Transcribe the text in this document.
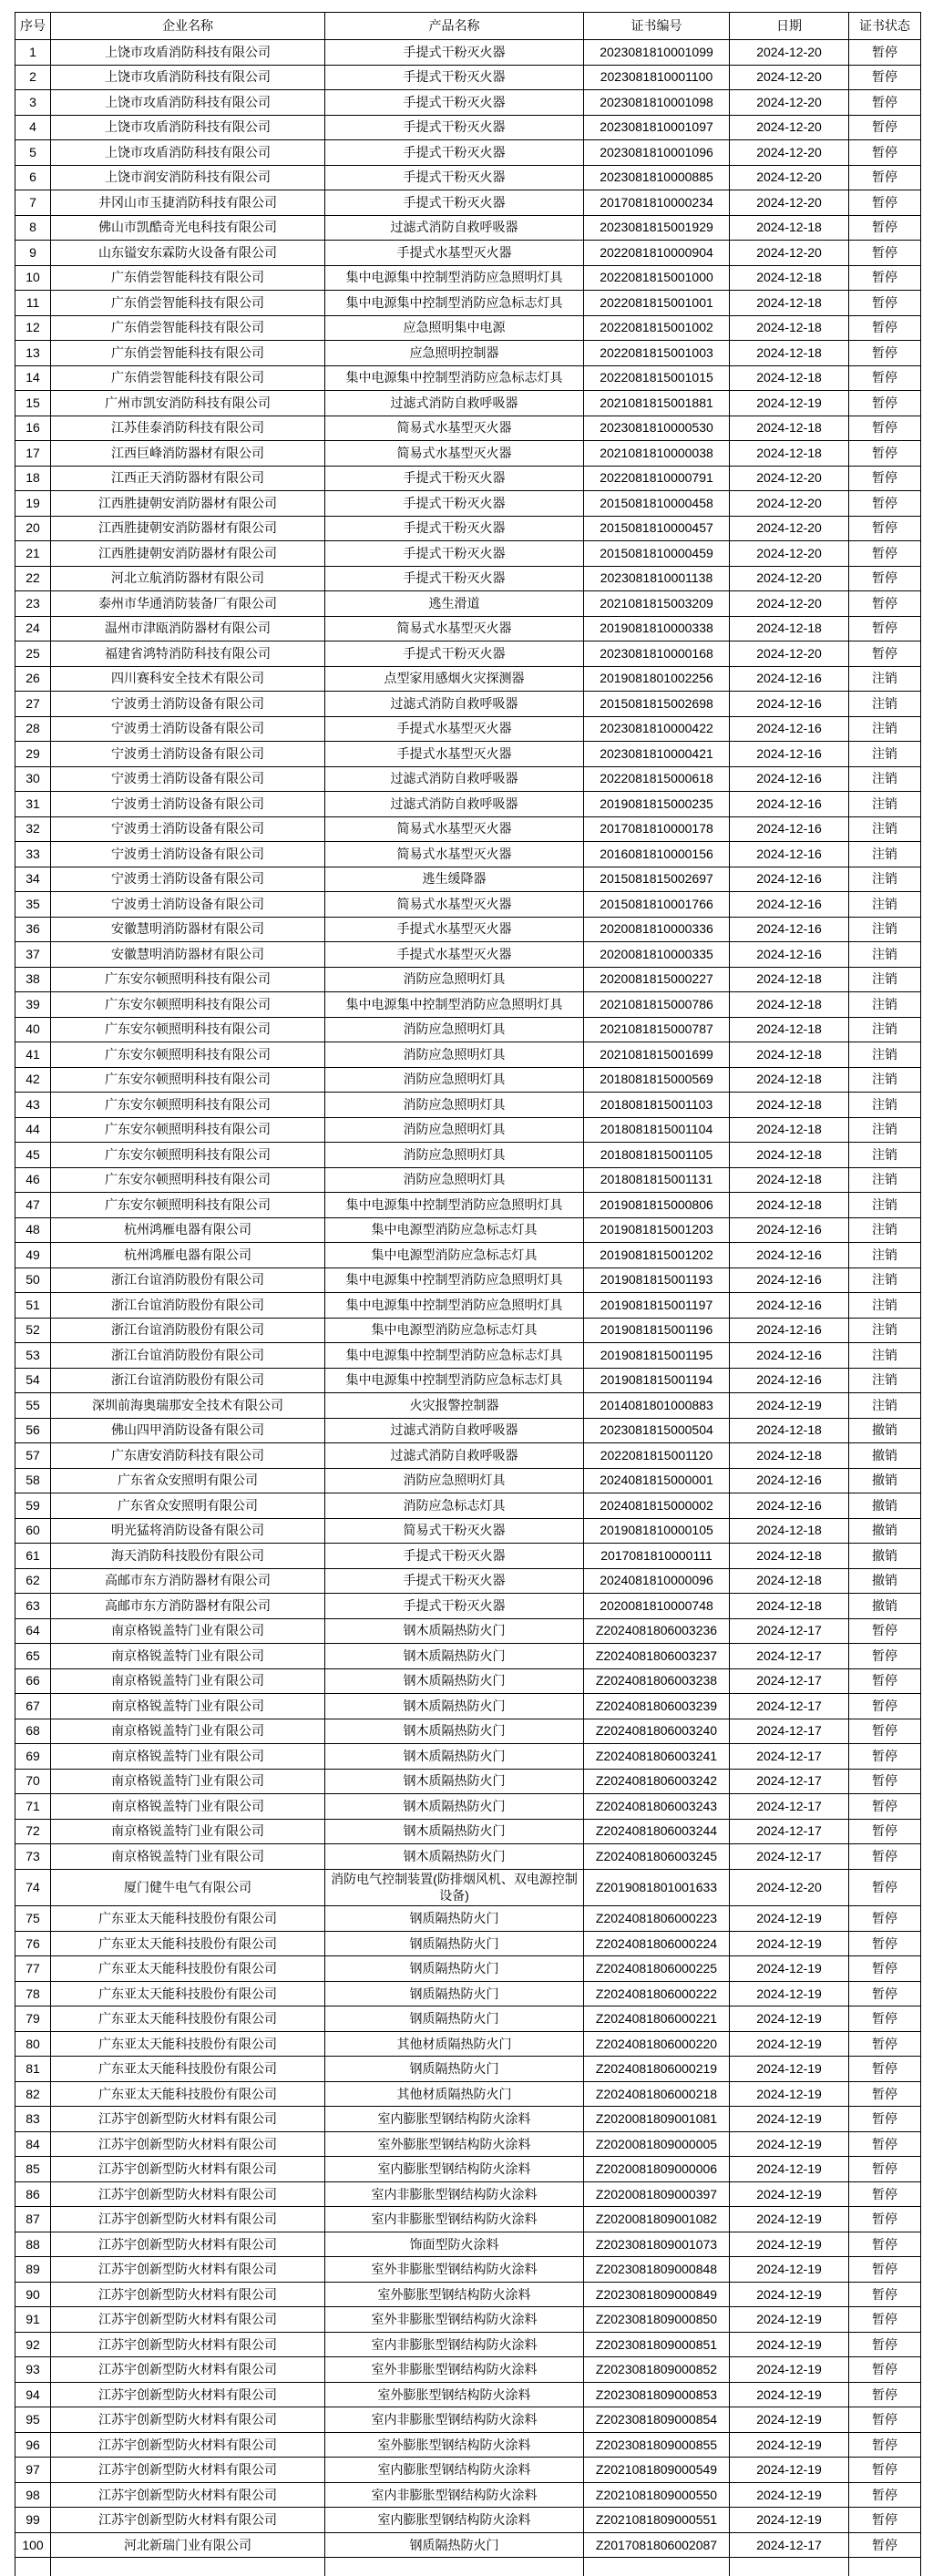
序号	企业名称	产品名称	证书编号	日期	证书状态
1	上饶市攻盾消防科技有限公司	手提式干粉灭火器	2023081810001099	2024-12-20	暂停
2	上饶市攻盾消防科技有限公司	手提式干粉灭火器	2023081810001100	2024-12-20	暂停
3	上饶市攻盾消防科技有限公司	手提式干粉灭火器	2023081810001098	2024-12-20	暂停
4	上饶市攻盾消防科技有限公司	手提式干粉灭火器	2023081810001097	2024-12-20	暂停
5	上饶市攻盾消防科技有限公司	手提式干粉灭火器	2023081810001096	2024-12-20	暂停
6	上饶市润安消防科技有限公司	手提式干粉灭火器	2023081810000885	2024-12-20	暂停
7	井冈山市玉捷消防科技有限公司	手提式干粉灭火器	2017081810000234	2024-12-20	暂停
8	佛山市凯酷奇光电科技有限公司	过滤式消防自救呼吸器	2023081815001929	2024-12-18	暂停
9	山东镒安东霖防火设备有限公司	手提式水基型灭火器	2022081810000904	2024-12-20	暂停
10	广东俏尝智能科技有限公司	集中电源集中控制型消防应急照明灯具	2022081815001000	2024-12-18	暂停
11	广东俏尝智能科技有限公司	集中电源集中控制型消防应急标志灯具	2022081815001001	2024-12-18	暂停
12	广东俏尝智能科技有限公司	应急照明集中电源	2022081815001002	2024-12-18	暂停
13	广东俏尝智能科技有限公司	应急照明控制器	2022081815001003	2024-12-18	暂停
14	广东俏尝智能科技有限公司	集中电源集中控制型消防应急标志灯具	2022081815001015	2024-12-18	暂停
15	广州市凯安消防科技有限公司	过滤式消防自救呼吸器	2021081815001881	2024-12-19	暂停
16	江苏佳泰消防科技有限公司	简易式水基型灭火器	2023081810000530	2024-12-18	暂停
17	江西巨峰消防器材有限公司	简易式水基型灭火器	2021081810000038	2024-12-18	暂停
18	江西正天消防器材有限公司	手提式干粉灭火器	2022081810000791	2024-12-20	暂停
19	江西胜捷朝安消防器材有限公司	手提式干粉灭火器	2015081810000458	2024-12-20	暂停
20	江西胜捷朝安消防器材有限公司	手提式干粉灭火器	2015081810000457	2024-12-20	暂停
21	江西胜捷朝安消防器材有限公司	手提式干粉灭火器	2015081810000459	2024-12-20	暂停
22	河北立航消防器材有限公司	手提式干粉灭火器	2023081810001138	2024-12-20	暂停
23	泰州市华通消防装备厂有限公司	逃生滑道	2021081815003209	2024-12-20	暂停
24	温州市津瓯消防器材有限公司	简易式水基型灭火器	2019081810000338	2024-12-18	暂停
25	福建省鸿特消防科技有限公司	手提式干粉灭火器	2023081810000168	2024-12-20	暂停
26	四川赛科安全技术有限公司	点型家用感烟火灾探测器	2019081801002256	2024-12-16	注销
27	宁波勇士消防设备有限公司	过滤式消防自救呼吸器	2015081815002698	2024-12-16	注销
28	宁波勇士消防设备有限公司	手提式水基型灭火器	2023081810000422	2024-12-16	注销
29	宁波勇士消防设备有限公司	手提式水基型灭火器	2023081810000421	2024-12-16	注销
30	宁波勇士消防设备有限公司	过滤式消防自救呼吸器	2022081815000618	2024-12-16	注销
31	宁波勇士消防设备有限公司	过滤式消防自救呼吸器	2019081815000235	2024-12-16	注销
32	宁波勇士消防设备有限公司	简易式水基型灭火器	2017081810000178	2024-12-16	注销
33	宁波勇士消防设备有限公司	简易式水基型灭火器	2016081810000156	2024-12-16	注销
34	宁波勇士消防设备有限公司	逃生缓降器	2015081815002697	2024-12-16	注销
35	宁波勇士消防设备有限公司	简易式水基型灭火器	2015081810001766	2024-12-16	注销
36	安徽慧明消防器材有限公司	手提式水基型灭火器	2020081810000336	2024-12-16	注销
37	安徽慧明消防器材有限公司	手提式水基型灭火器	2020081810000335	2024-12-16	注销
38	广东安尔顿照明科技有限公司	消防应急照明灯具	2020081815000227	2024-12-18	注销
39	广东安尔顿照明科技有限公司	集中电源集中控制型消防应急照明灯具	2021081815000786	2024-12-18	注销
40	广东安尔顿照明科技有限公司	消防应急照明灯具	2021081815000787	2024-12-18	注销
41	广东安尔顿照明科技有限公司	消防应急照明灯具	2021081815001699	2024-12-18	注销
42	广东安尔顿照明科技有限公司	消防应急照明灯具	2018081815000569	2024-12-18	注销
43	广东安尔顿照明科技有限公司	消防应急照明灯具	2018081815001103	2024-12-18	注销
44	广东安尔顿照明科技有限公司	消防应急照明灯具	2018081815001104	2024-12-18	注销
45	广东安尔顿照明科技有限公司	消防应急照明灯具	2018081815001105	2024-12-18	注销
46	广东安尔顿照明科技有限公司	消防应急照明灯具	2018081815001131	2024-12-18	注销
47	广东安尔顿照明科技有限公司	集中电源集中控制型消防应急照明灯具	2019081815000806	2024-12-18	注销
48	杭州鸿雁电器有限公司	集中电源型消防应急标志灯具	2019081815001203	2024-12-16	注销
49	杭州鸿雁电器有限公司	集中电源型消防应急标志灯具	2019081815001202	2024-12-16	注销
50	浙江台谊消防股份有限公司	集中电源集中控制型消防应急照明灯具	2019081815001193	2024-12-16	注销
51	浙江台谊消防股份有限公司	集中电源集中控制型消防应急照明灯具	2019081815001197	2024-12-16	注销
52	浙江台谊消防股份有限公司	集中电源型消防应急标志灯具	2019081815001196	2024-12-16	注销
53	浙江台谊消防股份有限公司	集中电源集中控制型消防应急标志灯具	2019081815001195	2024-12-16	注销
54	浙江台谊消防股份有限公司	集中电源集中控制型消防应急标志灯具	2019081815001194	2024-12-16	注销
55	深圳前海奥瑞那安全技术有限公司	火灾报警控制器	2014081801000883	2024-12-19	注销
56	佛山四甲消防设备有限公司	过滤式消防自救呼吸器	2023081815000504	2024-12-18	撤销
57	广东唐安消防科技有限公司	过滤式消防自救呼吸器	2022081815001120	2024-12-18	撤销
58	广东省众安照明有限公司	消防应急照明灯具	2024081815000001	2024-12-16	撤销
59	广东省众安照明有限公司	消防应急标志灯具	2024081815000002	2024-12-16	撤销
60	明光猛将消防设备有限公司	简易式干粉灭火器	2019081810000105	2024-12-18	撤销
61	海天消防科技股份有限公司	手提式干粉灭火器	2017081810000111	2024-12-18	撤销
62	高邮市东方消防器材有限公司	手提式干粉灭火器	2024081810000096	2024-12-18	撤销
63	高邮市东方消防器材有限公司	手提式干粉灭火器	2020081810000748	2024-12-18	撤销
64	南京格锐盖特门业有限公司	钢木质隔热防火门	Z2024081806003236	2024-12-17	暂停
65	南京格锐盖特门业有限公司	钢木质隔热防火门	Z2024081806003237	2024-12-17	暂停
66	南京格锐盖特门业有限公司	钢木质隔热防火门	Z2024081806003238	2024-12-17	暂停
67	南京格锐盖特门业有限公司	钢木质隔热防火门	Z2024081806003239	2024-12-17	暂停
68	南京格锐盖特门业有限公司	钢木质隔热防火门	Z2024081806003240	2024-12-17	暂停
69	南京格锐盖特门业有限公司	钢木质隔热防火门	Z2024081806003241	2024-12-17	暂停
70	南京格锐盖特门业有限公司	钢木质隔热防火门	Z2024081806003242	2024-12-17	暂停
71	南京格锐盖特门业有限公司	钢木质隔热防火门	Z2024081806003243	2024-12-17	暂停
72	南京格锐盖特门业有限公司	钢木质隔热防火门	Z2024081806003244	2024-12-17	暂停
73	南京格锐盖特门业有限公司	钢木质隔热防火门	Z2024081806003245	2024-12-17	暂停
74	厦门健牛电气有限公司	消防电气控制装置(防排烟风机、双电源控制设备)	Z2019081801001633	2024-12-20	暂停
75	广东亚太天能科技股份有限公司	钢质隔热防火门	Z2024081806000223	2024-12-19	暂停
76	广东亚太天能科技股份有限公司	钢质隔热防火门	Z2024081806000224	2024-12-19	暂停
77	广东亚太天能科技股份有限公司	钢质隔热防火门	Z2024081806000225	2024-12-19	暂停
78	广东亚太天能科技股份有限公司	钢质隔热防火门	Z2024081806000222	2024-12-19	暂停
79	广东亚太天能科技股份有限公司	钢质隔热防火门	Z2024081806000221	2024-12-19	暂停
80	广东亚太天能科技股份有限公司	其他材质隔热防火门	Z2024081806000220	2024-12-19	暂停
81	广东亚太天能科技股份有限公司	钢质隔热防火门	Z2024081806000219	2024-12-19	暂停
82	广东亚太天能科技股份有限公司	其他材质隔热防火门	Z2024081806000218	2024-12-19	暂停
83	江苏宇创新型防火材料有限公司	室内膨胀型钢结构防火涂料	Z2020081809001081	2024-12-19	暂停
84	江苏宇创新型防火材料有限公司	室外膨胀型钢结构防火涂料	Z2020081809000005	2024-12-19	暂停
85	江苏宇创新型防火材料有限公司	室内膨胀型钢结构防火涂料	Z2020081809000006	2024-12-19	暂停
86	江苏宇创新型防火材料有限公司	室内非膨胀型钢结构防火涂料	Z2020081809000397	2024-12-19	暂停
87	江苏宇创新型防火材料有限公司	室内非膨胀型钢结构防火涂料	Z2020081809001082	2024-12-19	暂停
88	江苏宇创新型防火材料有限公司	饰面型防火涂料	Z2023081809001073	2024-12-19	暂停
89	江苏宇创新型防火材料有限公司	室外非膨胀型钢结构防火涂料	Z2023081809000848	2024-12-19	暂停
90	江苏宇创新型防火材料有限公司	室外膨胀型钢结构防火涂料	Z2023081809000849	2024-12-19	暂停
91	江苏宇创新型防火材料有限公司	室外非膨胀型钢结构防火涂料	Z2023081809000850	2024-12-19	暂停
92	江苏宇创新型防火材料有限公司	室内非膨胀型钢结构防火涂料	Z2023081809000851	2024-12-19	暂停
93	江苏宇创新型防火材料有限公司	室外非膨胀型钢结构防火涂料	Z2023081809000852	2024-12-19	暂停
94	江苏宇创新型防火材料有限公司	室外膨胀型钢结构防火涂料	Z2023081809000853	2024-12-19	暂停
95	江苏宇创新型防火材料有限公司	室内非膨胀型钢结构防火涂料	Z2023081809000854	2024-12-19	暂停
96	江苏宇创新型防火材料有限公司	室外膨胀型钢结构防火涂料	Z2023081809000855	2024-12-19	暂停
97	江苏宇创新型防火材料有限公司	室内膨胀型钢结构防火涂料	Z2021081809000549	2024-12-19	暂停
98	江苏宇创新型防火材料有限公司	室内非膨胀型钢结构防火涂料	Z2021081809000550	2024-12-19	暂停
99	江苏宇创新型防火材料有限公司	室内膨胀型钢结构防火涂料	Z2021081809000551	2024-12-19	暂停
100	河北新瑞门业有限公司	钢质隔热防火门	Z2017081806002087	2024-12-17	暂停
